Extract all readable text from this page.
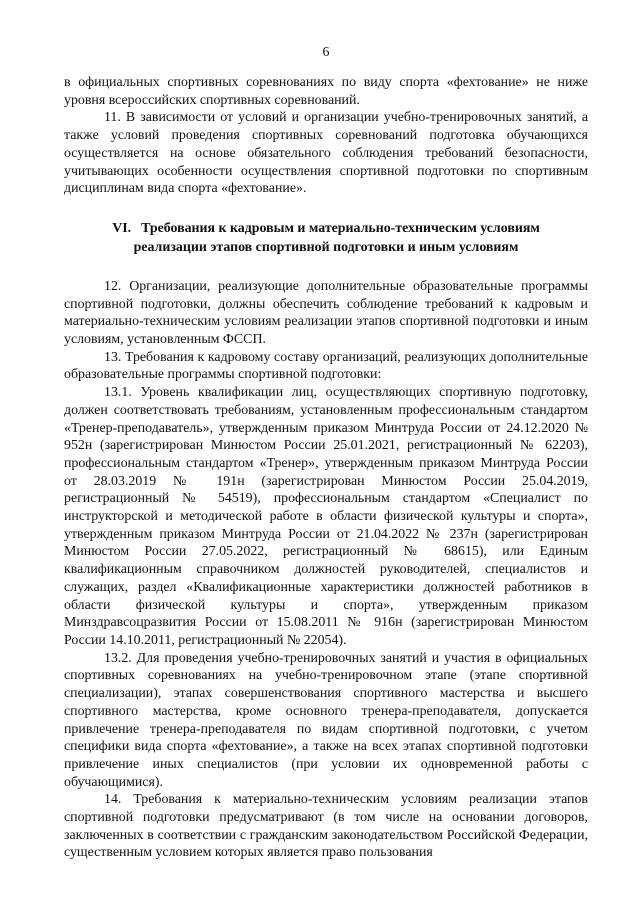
6

в официальных спортивных соревнованиях по виду спорта «фехтование» не ниже уровня всероссийских спортивных соревнований.

11. В зависимости от условий и организации учебно-тренировочных занятий, а также условий проведения спортивных соревнований подготовка обучающихся осуществляется на основе обязательного соблюдения требований безопасности, учитывающих особенности осуществления спортивной подготовки по спортивным дисциплинам вида спорта «фехтование».

VI. Требования к кадровым и материально-техническим условиям
реализации этапов спортивной подготовки и иным условиям

12. Организации, реализующие дополнительные образовательные программы спортивной подготовки, должны обеспечить соблюдение требований к кадровым и материально-техническим условиям реализации этапов спортивной подготовки и иным условиям, установленным ФССП.

13. Требования к кадровому составу организаций, реализующих дополнительные образовательные программы спортивной подготовки:

13.1. Уровень квалификации лиц, осуществляющих спортивную подготовку, должен соответствовать требованиям, установленным профессиональным стандартом «Тренер-преподаватель», утвержденным приказом Минтруда России от 24.12.2020 № 952н (зарегистрирован Минюстом России 25.01.2021, регистрационный № 62203), профессиональным стандартом «Тренер», утвержденным приказом Минтруда России от 28.03.2019 № 191н (зарегистрирован Минюстом России 25.04.2019, регистрационный № 54519), профессиональным стандартом «Специалист по инструкторской и методической работе в области физической культуры и спорта», утвержденным приказом Минтруда России от 21.04.2022 № 237н (зарегистрирован Минюстом России 27.05.2022, регистрационный № 68615), или Единым квалификационным справочником должностей руководителей, специалистов и служащих, раздел «Квалификационные характеристики должностей работников в области физической культуры и спорта», утвержденным приказом Минздравсоцразвития России от 15.08.2011 № 916н (зарегистрирован Минюстом России 14.10.2011, регистрационный № 22054).

13.2. Для проведения учебно-тренировочных занятий и участия в официальных спортивных соревнованиях на учебно-тренировочном этапе (этапе спортивной специализации), этапах совершенствования спортивного мастерства и высшего спортивного мастерства, кроме основного тренера-преподавателя, допускается привлечение тренера-преподавателя по видам спортивной подготовки, с учетом специфики вида спорта «фехтование», а также на всех этапах спортивной подготовки привлечение иных специалистов (при условии их одновременной работы с обучающимися).

14. Требования к материально-техническим условиям реализации этапов спортивной подготовки предусматривают (в том числе на основании договоров, заключенных в соответствии с гражданским законодательством Российской Федерации, существенным условием которых является право пользования
